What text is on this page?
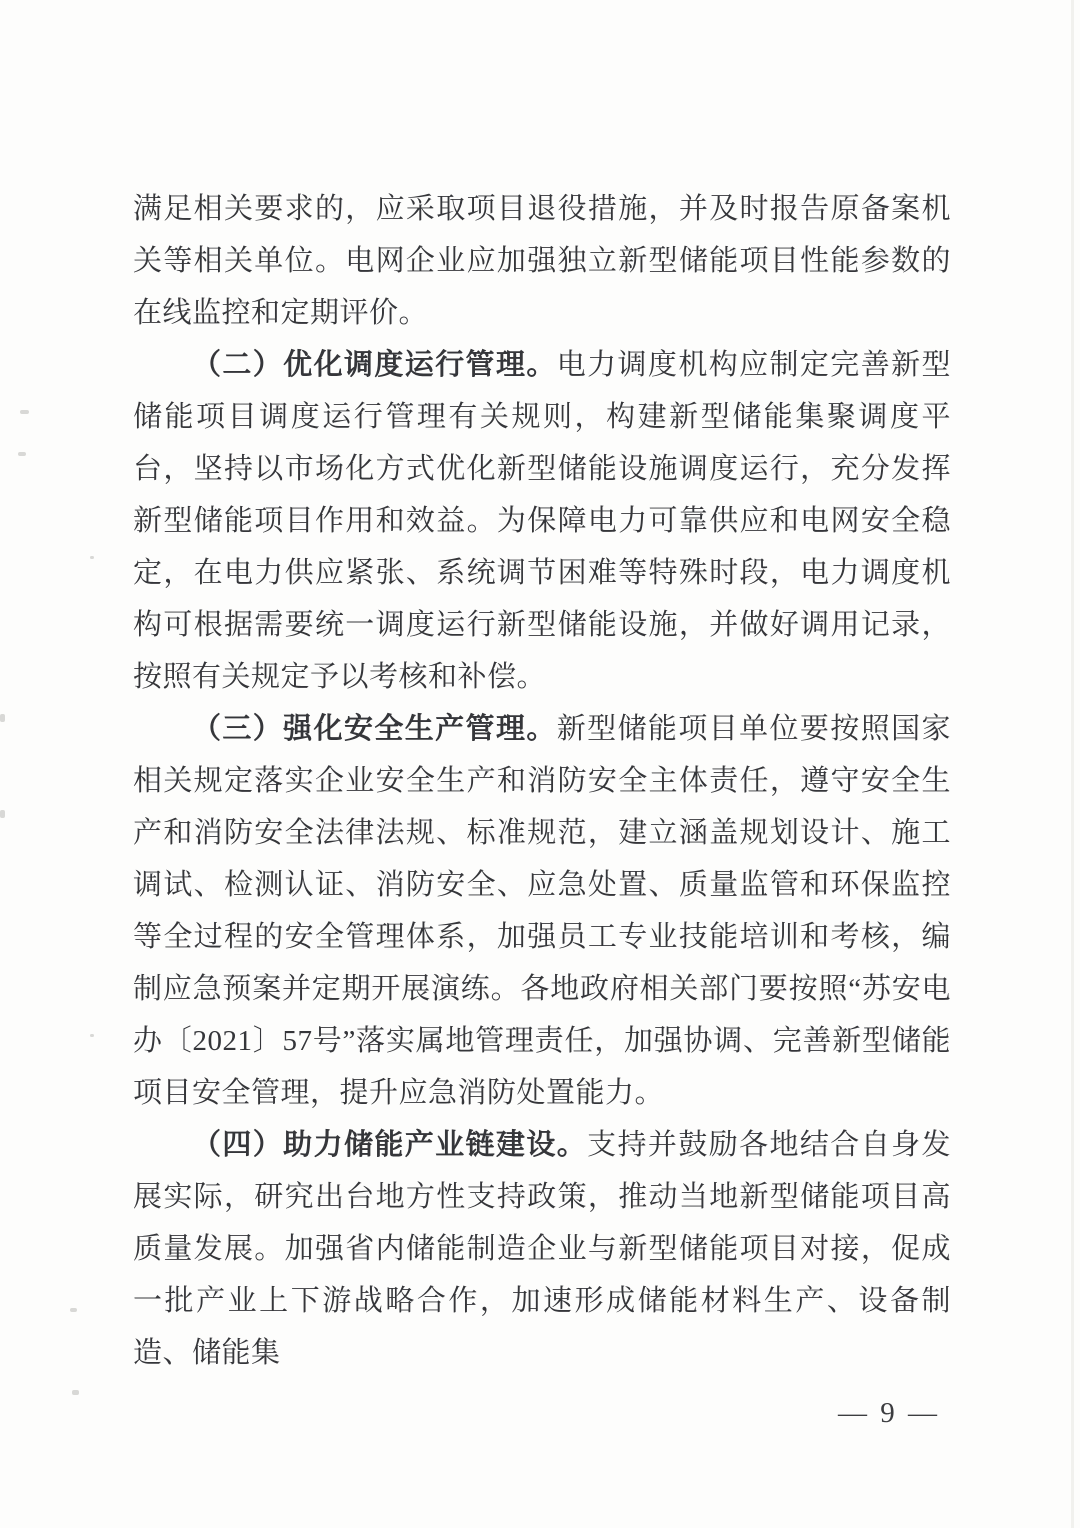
满足相关要求的，应采取项目退役措施，并及时报告原备案机关等相关单位。电网企业应加强独立新型储能项目性能参数的在线监控和定期评价。

（二）优化调度运行管理。电力调度机构应制定完善新型储能项目调度运行管理有关规则，构建新型储能集聚调度平台，坚持以市场化方式优化新型储能设施调度运行，充分发挥新型储能项目作用和效益。为保障电力可靠供应和电网安全稳定，在电力供应紧张、系统调节困难等特殊时段，电力调度机构可根据需要统一调度运行新型储能设施，并做好调用记录，按照有关规定予以考核和补偿。

（三）强化安全生产管理。新型储能项目单位要按照国家相关规定落实企业安全生产和消防安全主体责任，遵守安全生产和消防安全法律法规、标准规范，建立涵盖规划设计、施工调试、检测认证、消防安全、应急处置、质量监管和环保监控等全过程的安全管理体系，加强员工专业技能培训和考核，编制应急预案并定期开展演练。各地政府相关部门要按照“苏安电办〔2021〕57号”落实属地管理责任，加强协调、完善新型储能项目安全管理，提升应急消防处置能力。

（四）助力储能产业链建设。支持并鼓励各地结合自身发展实际，研究出台地方性支持政策，推动当地新型储能项目高质量发展。加强省内储能制造企业与新型储能项目对接，促成一批产业上下游战略合作，加速形成储能材料生产、设备制造、储能集

— 9 —
